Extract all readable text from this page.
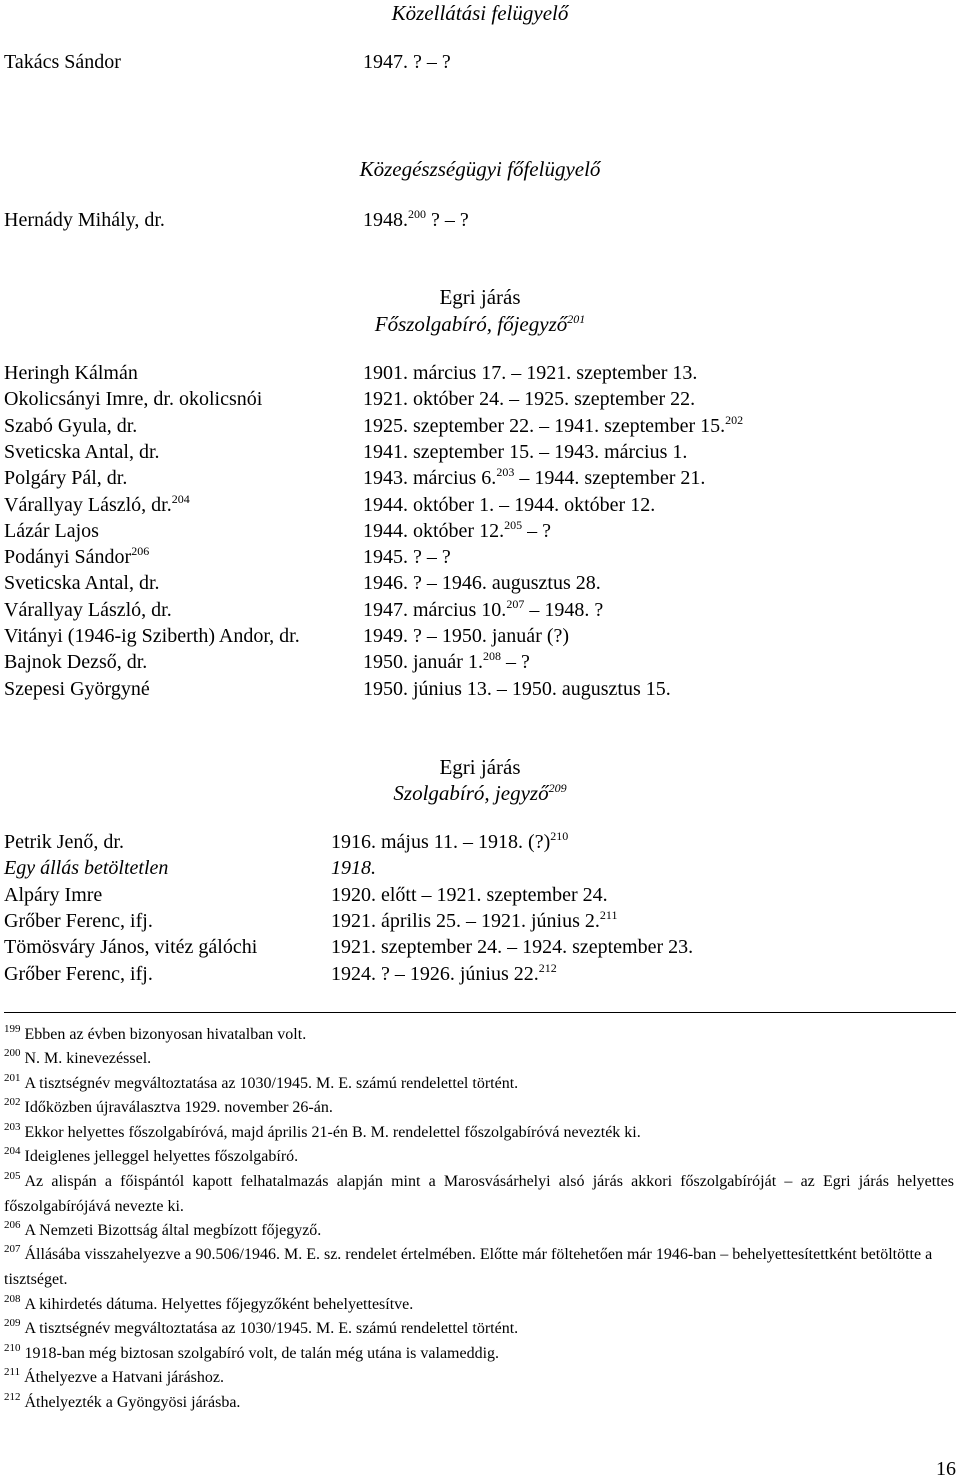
Közellátási felügyelő
Takács Sándor	1947. ? – ?
Közegészségügyi főfelügyelő
Hernády Mihály, dr.	1948.$^{200}$ ? – ?
Egri járás
Főszolgabíró, főjegyző$^{201}$
Heringh Kálmán	1901. március 17. – 1921. szeptember 13.
Okolicsányi Imre, dr. okolicsnói	1921. október 24. – 1925. szeptember 22.
Szabó Gyula, dr.	1925. szeptember 22. – 1941. szeptember 15.$^{202}$
Sveticska Antal, dr.	1941. szeptember 15. – 1943. március 1.
Polgáry Pál, dr.	1943. március 6.$^{203}$ – 1944. szeptember 21.
Várallyay László, dr.$^{204}$	1944. október 1. – 1944. október 12.
Lázár Lajos	1944. október 12.$^{205}$ – ?
Podányi Sándor$^{206}$	1945. ? – ?
Sveticska Antal, dr.	1946. ? – 1946. augusztus 28.
Várallyay László, dr.	1947. március 10.$^{207}$ – 1948. ?
Vitányi (1946-ig Sziberth) Andor, dr.	1949. ? – 1950. január (?)
Bajnok Dezső, dr.	1950. január 1.$^{208}$ – ?
Szepesi Györgyné	1950. június 13. – 1950. augusztus 15.
Egri járás
Szolgabíró, jegyző$^{209}$
Petrik Jenő, dr.	1916. május 11. – 1918. (?)$^{210}$
Egy állás betöltetlen	1918.
Alpáry Imre	1920. előtt – 1921. szeptember 24.
Grőber Ferenc, ifj.	1921. április 25. – 1921. június 2.$^{211}$
Tömösváry János, vitéz gálóchi	1921. szeptember 24. – 1924. szeptember 23.
Grőber Ferenc, ifj.	1924. ? – 1926. június 22.$^{212}$
$^{199}$ Ebben az évben bizonyosan hivatalban volt.
$^{200}$ N. M. kinevezéssel.
$^{201}$ A tisztségnév megváltoztatása az 1030/1945. M. E. számú rendelettel történt.
$^{202}$ Időközben újraválasztva 1929. november 26-án.
$^{203}$ Ekkor helyettes főszolgabíróvá, majd április 21-én B. M. rendelettel főszolgabíróvá nevezték ki.
$^{204}$ Ideiglenes jelleggel helyettes főszolgabíró.
$^{205}$ Az alispán a főispántól kapott felhatalmazás alapján mint a Marosvásárhelyi alsó járás akkori főszolgabíróját – az Egri járás helyettes főszolgabírójává nevezte ki.
$^{206}$ A Nemzeti Bizottság által megbízott főjegyző.
$^{207}$ Állásába visszahelyezve a 90.506/1946. M. E. sz. rendelet értelmében. Előtte már föltehetően már 1946-ban – behelyettesítettként betöltötte a tisztséget.
$^{208}$ A kihirdetés dátuma. Helyettes főjegyzőként behelyettesítve.
$^{209}$ A tisztségnév megváltoztatása az 1030/1945. M. E. számú rendelettel történt.
$^{210}$ 1918-ban még biztosan szolgabíró volt, de talán még utána is valameddig.
$^{211}$ Áthelyezve a Hatvani járáshoz.
$^{212}$ Áthelyezték a Gyöngyösi járásba.
16
